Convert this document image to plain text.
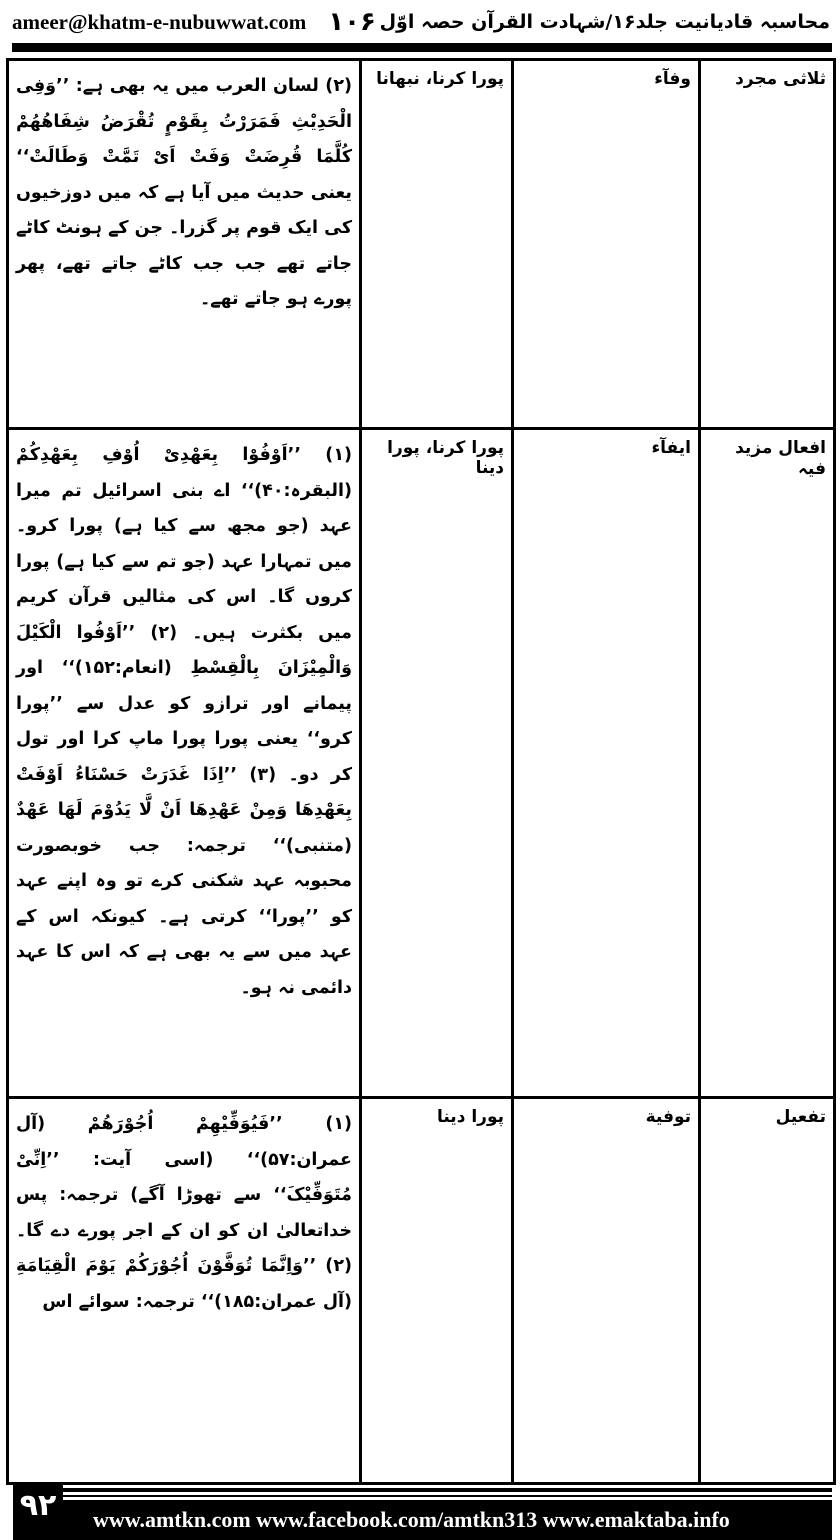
ameer@khatm-e-nubuwwat.com ۱۰۶ محاسبہ قادیانیت جلد۱۶/شہادت القرآن حصہ اوّل
ثلاثی مجرد	وفآء	پورا کرنا، نبھانا	(۲) لسان العرب میں یہ بھی ہے: ’’وَفِی الْحَدِیْثِ فَمَرَرْتُ بِقَوْمٍ تُقْرَضُ شِفَاهُهُمْ کُلَّمَا قُرِضَتْ وَفَتْ اَیْ تَمَّتْ وَطَالَتْ‘‘ یعنی حدیث میں آیا ہے کہ میں دوزخیوں کی ایک قوم پر گزرا۔ جن کے ہونٹ کاٹے جاتے تھے جب جب کاٹے جاتے تھے، پھر پورے ہو جاتے تھے۔
افعال مزید فیہ	ایفآء	پورا کرنا، پورا دینا	(۱) ’’اَوْفُوْا بِعَهْدِیْ اُوْفِ بِعَهْدِکُمْ (البقرہ:۴۰)‘‘ اے بنی اسرائیل تم میرا عہد (جو مجھ سے کیا ہے) پورا کرو۔ میں تمہارا عہد (جو تم سے کیا ہے) پورا کروں گا۔ اس کی مثالیں قرآن کریم میں بکثرت ہیں۔ (۲) ’’اَوْفُوا الْکَیْلَ وَالْمِیْزَانَ بِالْقِسْطِ (انعام:۱۵۲)‘‘ اور پیمانے اور ترازو کو عدل سے ’’پورا کرو‘‘ یعنی پورا پورا ماپ کرا اور تول کر دو۔ (۳) ’’اِذَا غَدَرَتْ حَسْنَاءُ اَوْفَتْ بِعَهْدِهَا وَمِنْ عَهْدِهَا اَنْ لَّا یَدُوْمَ لَهَا عَهْدٌ (متنبی)‘‘ ترجمہ: جب خوبصورت محبوبہ عہد شکنی کرے تو وہ اپنے عہد کو ’’پورا‘‘ کرتی ہے۔ کیونکہ اس کے عہد میں سے یہ بھی ہے کہ اس کا عہد دائمی نہ ہو۔
تفعیل	توفیة	پورا دینا	(۱) ’’فَیُوَفِّیْهِمْ اُجُوْرَهُمْ (آل عمران:۵۷)‘‘ (اسی آیت: ’’اِنِّیْ مُتَوَفِّیْکَ‘‘ سے تھوڑا آگے) ترجمہ: پس خداتعالیٰ ان کو ان کے اجر پورے دے گا۔ (۲) ’’وَاِنَّمَا تُوَفَّوْنَ اُجُوْرَکُمْ یَوْمَ الْقِیَامَةِ (آل عمران:۱۸۵)‘‘ ترجمہ: سوائے اس
۹۲	www.amtkn.com www.facebook.com/amtkn313 www.emaktaba.info
